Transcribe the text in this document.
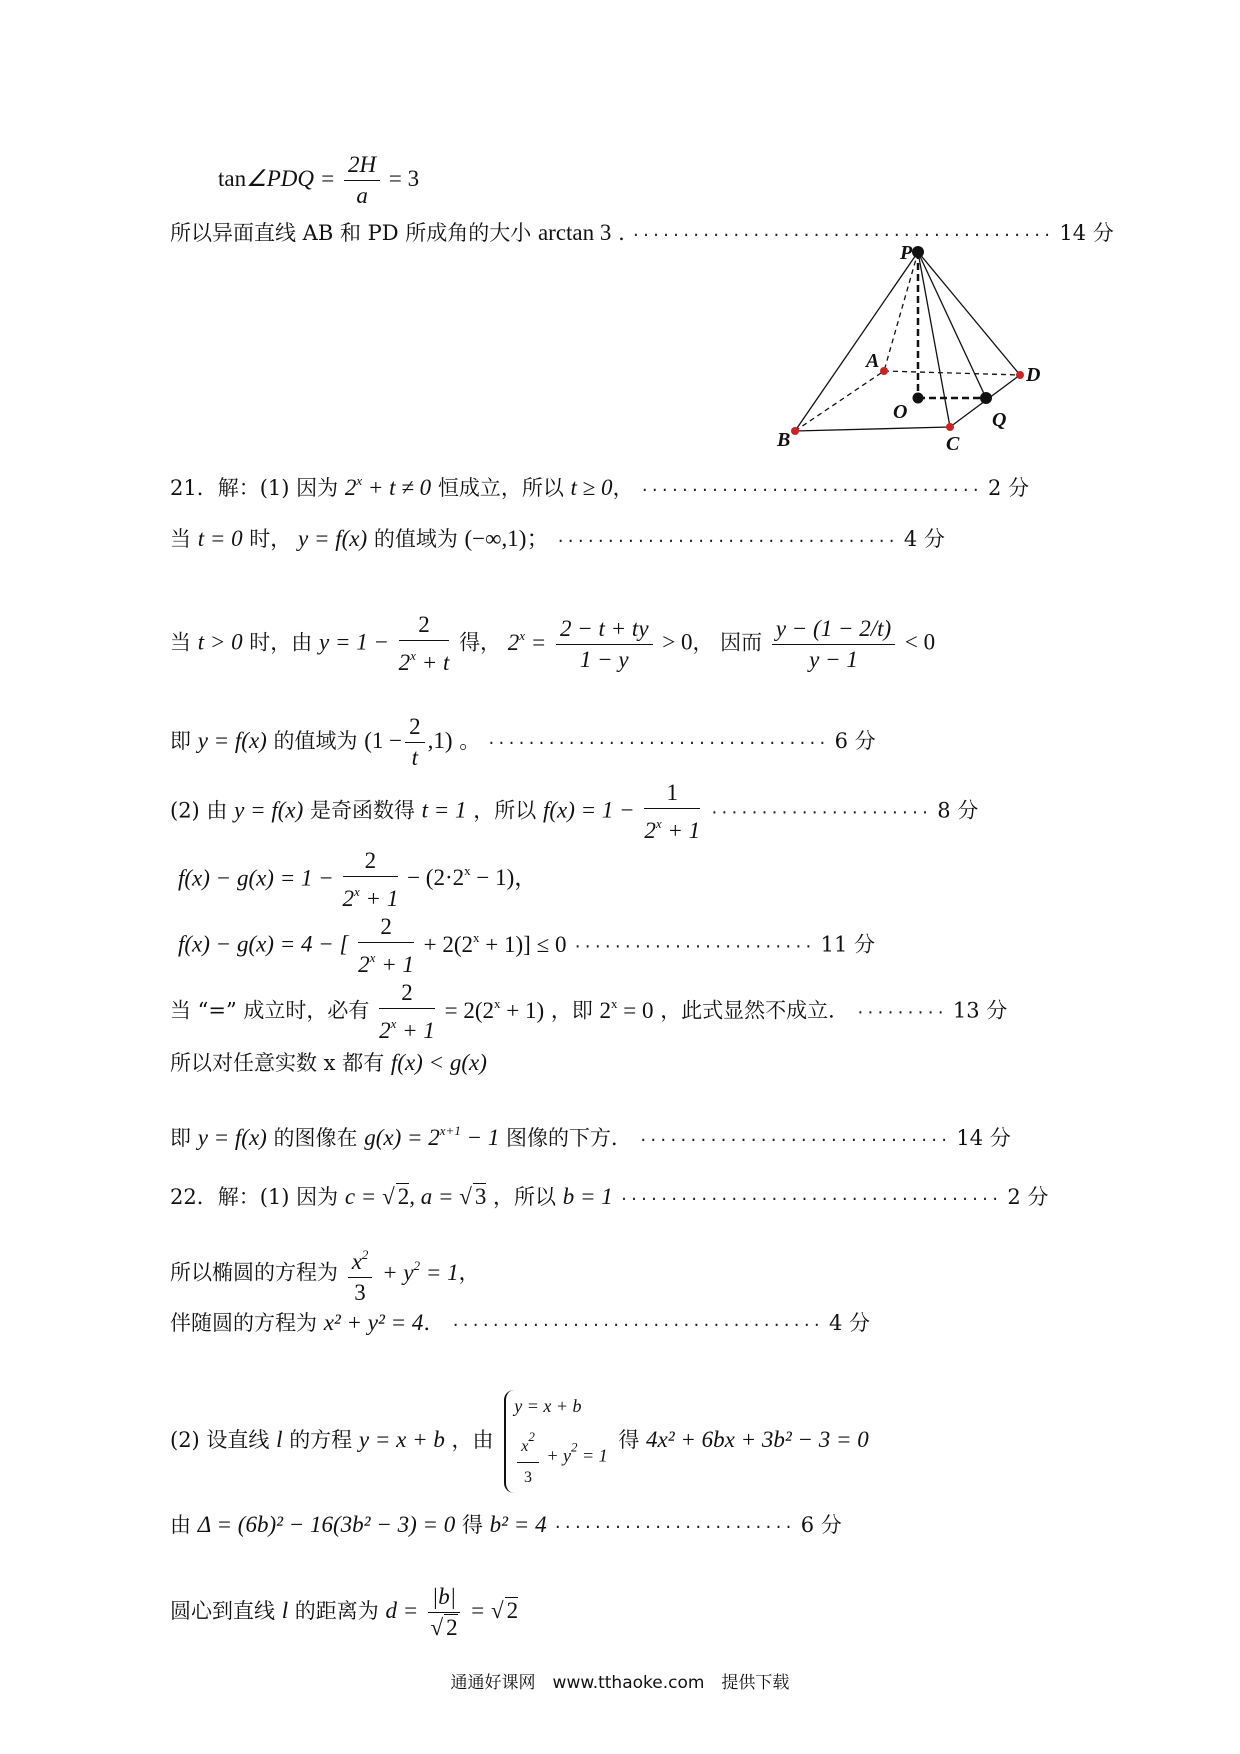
tan∠PDQ = $\frac{2H}{a} = 3$
所以异面直线 AB 和 PD 所成角的大小 arctan 3 . ·········································· 14 分
P
A
D
O	Q
B	C
21．解：(1) 因为 $2^x + t \ne 0$ 恒成立，所以 t ≥ 0， ·································· 2 分
当 t = 0 时， y = f(x) 的值域为 (−∞,1)； ·································· 4 分
当 t > 0 时，由 $y = 1 - \frac{2}{2^x + t}$ 得， $2^x = \frac{2 - t + ty}{1 - y} > 0$， 因而 $\frac{y - (1 - 2/t)}{y - 1} < 0$
即 y = f(x) 的值域为 $(1 - \frac{2}{t} ,1)$ 。 ·································· 6 分
(2) 由 y = f(x) 是奇函数得 t = 1 ，所以 $f(x) = 1 - \frac{1}{2^x + 1}$ ······················ 8 分
$f(x) - g(x) = 1 - \frac{2}{2^x + 1} - (2\cdot 2^x - 1)$，
f(x) − g(x) = 4 − [ $\frac{2}{2^x + 1} + 2(2^x + 1)] \le 0$ ························ 11 分
当 “=” 成立时，必有 $\frac{2}{2^x + 1} = 2(2^x + 1)$ ，即 $2^x = 0$ ，此式显然不成立． ········· 13 分
所以对任意实数 x 都有 f(x) < g(x)
即 y = f(x) 的图像在 $g(x) = 2^{x+1} - 1$ 图像的下方． ······························· 14 分
22．解：(1) 因为 c = √ 2, a = √ 3 ，所以 b = 1 ······································ 2 分
所以椭圆的方程为 $\frac{x^2}{3} + y^2 = 1$，
伴随圆的方程为 x² + y² = 4． ····································· 4 分
(2) 设直线 l 的方程 y = x + b ，由
y = x + b
$\frac{x^2}{3} + y^2 = 1$
得 4x² + 6bx + 3b² − 3 = 0
由 Δ = (6b)² − 16(3b² − 3) = 0 得 b² = 4 ························ 6 分
圆心到直线 l 的距离为 $d = \frac{|b|}{√ 2}$ = √ 2
通通好课网　www.tthaoke.com　提供下载
